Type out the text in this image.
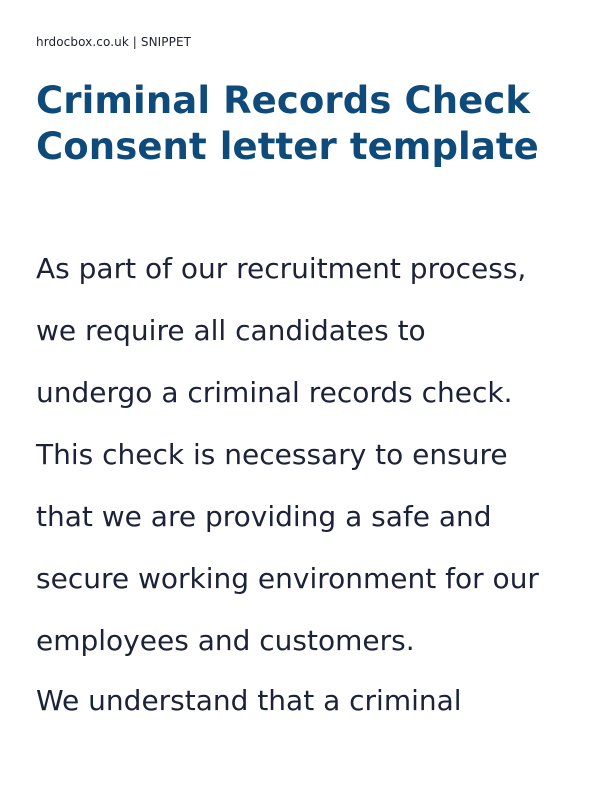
hrdocbox.co.uk | SNIPPET
Criminal Records Check
Consent letter template

As part of our recruitment process,
we require all candidates to
undergo a criminal records check.
This check is necessary to ensure
that we are providing a safe and
secure working environment for our
employees and customers.

We understand that a criminal
